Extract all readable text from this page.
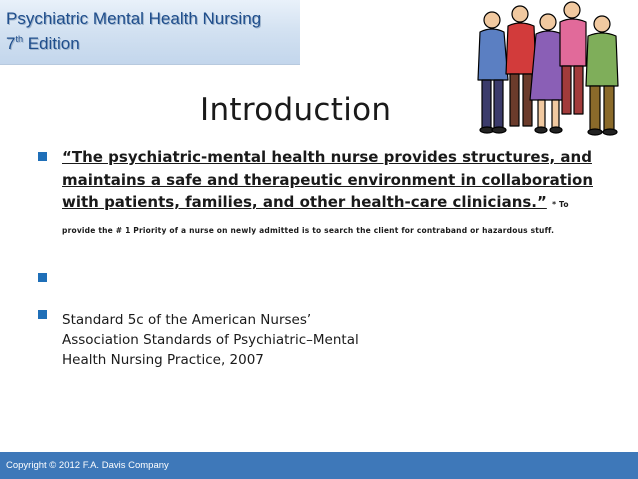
Psychiatric Mental Health Nursing
7th Edition
Introduction
“The psychiatric-mental health nurse provides structures, and maintains a safe and therapeutic environment in collaboration with patients, families, and other health-care clinicians.” * To provide the # 1 Priority of a nurse on newly admitted is to search the client for contraband or hazardous stuff.
Standard 5c of the American Nurses’ Association Standards of Psychiatric–Mental Health Nursing Practice, 2007
Copyright © 2012 F.A. Davis Company
